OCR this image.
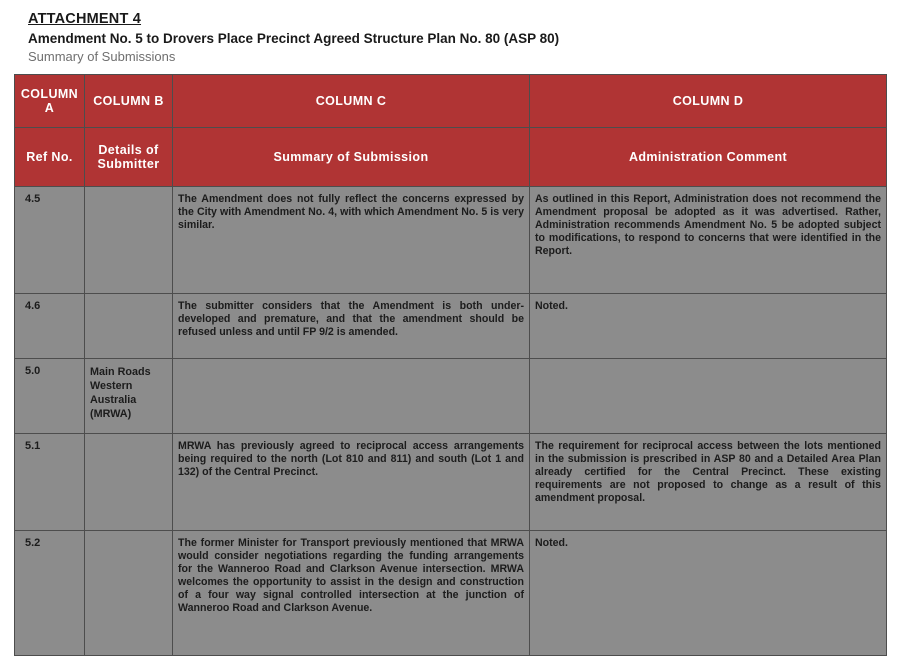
ATTACHMENT 4
Amendment No. 5 to Drovers Place Precinct Agreed Structure Plan No. 80 (ASP 80)
Summary of Submissions
COLUMN A	COLUMN B	COLUMN C	COLUMN D
Ref No.	Details of Submitter	Summary of Submission	Administration Comment
4.5		The Amendment does not fully reflect the concerns expressed by the City with Amendment No. 4, with which Amendment No. 5 is very similar.	As outlined in this Report, Administration does not recommend the Amendment proposal be adopted as it was advertised. Rather, Administration recommends Amendment No. 5 be adopted subject to modifications, to respond to concerns that were identified in the Report.
4.6		The submitter considers that the Amendment is both under-developed and premature, and that the amendment should be refused unless and until FP 9/2 is amended.	Noted.
5.0	Main Roads Western Australia (MRWA)		
5.1		MRWA has previously agreed to reciprocal access arrangements being required to the north (Lot 810 and 811) and south (Lot 1 and 132) of the Central Precinct.	The requirement for reciprocal access between the lots mentioned in the submission is prescribed in ASP 80 and a Detailed Area Plan already certified for the Central Precinct. These existing requirements are not proposed to change as a result of this amendment proposal.
5.2		The former Minister for Transport previously mentioned that MRWA would consider negotiations regarding the funding arrangements for the Wanneroo Road and Clarkson Avenue intersection. MRWA welcomes the opportunity to assist in the design and construction of a four way signal controlled intersection at the junction of Wanneroo Road and Clarkson Avenue.	Noted.
